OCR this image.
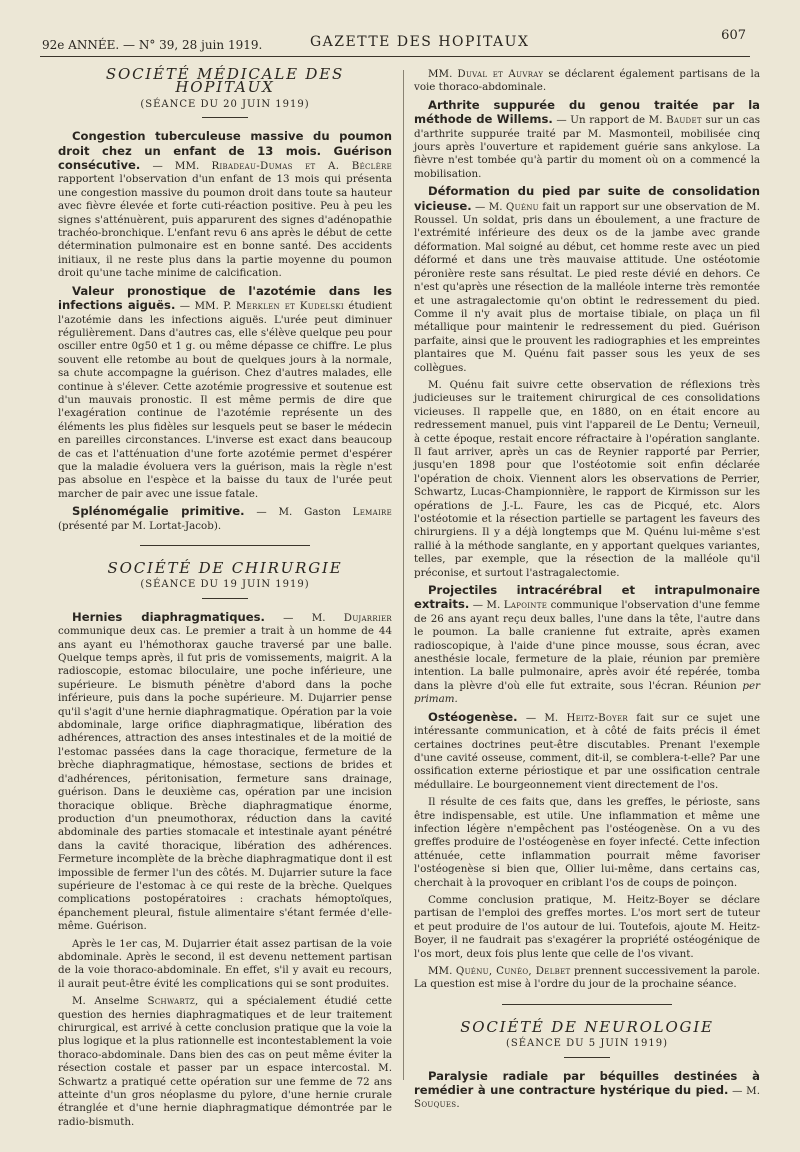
92e ANNÉE. — N° 39, 28 juin 1919.	GAZETTE DES HOPITAUX	607
SOCIÉTÉ MÉDICALE DES HOPITAUX
(SÉANCE DU 20 JUIN 1919)

Congestion tuberculeuse massive du poumon droit chez un enfant de 13 mois. Guérison consécutive. — MM. Ribadeau-Dumas et A. Béclère rapportent l'observation d'un enfant de 13 mois qui présenta une congestion massive du poumon droit dans toute sa hauteur avec fièvre élevée et forte cuti-réaction positive. Peu à peu les signes s'atténuèrent, puis apparurent des signes d'adénopathie trachéo-bronchique. L'enfant revu 6 ans après le début de cette détermination pulmonaire est en bonne santé. Des accidents initiaux, il ne reste plus dans la partie moyenne du poumon droit qu'une tache minime de calcification.

Valeur pronostique de l'azotémie dans les infections aiguës. — MM. P. Merklen et Kudelski étudient l'azotémie dans les infections aiguës. L'urée peut diminuer régulièrement. Dans d'autres cas, elle s'élève quelque peu pour osciller entre 0g50 et 1 g. ou même dépasse ce chiffre. Le plus souvent elle retombe au bout de quelques jours à la normale, sa chute accompagne la guérison. Chez d'autres malades, elle continue à s'élever. Cette azotémie progressive et soutenue est d'un mauvais pronostic. Il est même permis de dire que l'exagération continue de l'azotémie représente un des éléments les plus fidèles sur lesquels peut se baser le médecin en pareilles circonstances. L'inverse est exact dans beaucoup de cas et l'atténuation d'une forte azotémie permet d'espérer que la maladie évoluera vers la guérison, mais la règle n'est pas absolue en l'espèce et la baisse du taux de l'urée peut marcher de pair avec une issue fatale.

Splénomégalie primitive. — M. Gaston Lemaire (présenté par M. Lortat-Jacob).

SOCIÉTÉ DE CHIRURGIE
(SÉANCE DU 19 JUIN 1919)

Hernies diaphragmatiques. — M. Dujarrier communique deux cas. Le premier a trait à un homme de 44 ans ayant eu l'hémothorax gauche traversé par une balle. Quelque temps après, il fut pris de vomissements, maigrit. A la radioscopie, estomac biloculaire, une poche inférieure, une supérieure. Le bismuth pénètre d'abord dans la poche inférieure, puis dans la poche supérieure. M. Dujarrier pense qu'il s'agit d'une hernie diaphragmatique. Opération par la voie abdominale, large orifice diaphragmatique, libération des adhérences, attraction des anses intestinales et de la moitié de l'estomac passées dans la cage thoracique, fermeture de la brèche diaphragmatique, hémostase, sections de brides et d'adhérences, péritonisation, fermeture sans drainage, guérison. Dans le deuxième cas, opération par une incision thoracique oblique. Brèche diaphragmatique énorme, production d'un pneumothorax, réduction dans la cavité abdominale des parties stomacale et intestinale ayant pénétré dans la cavité thoracique, libération des adhérences. Fermeture incomplète de la brèche diaphragmatique dont il est impossible de fermer l'un des côtés. M. Dujarrier suture la face supérieure de l'estomac à ce qui reste de la brèche. Quelques complications postopératoires : crachats hémoptoïques, épanchement pleural, fistule alimentaire s'étant fermée d'elle-même. Guérison.

Après le 1er cas, M. Dujarrier était assez partisan de la voie abdominale. Après le second, il est devenu nettement partisan de la voie thoraco-abdominale. En effet, s'il y avait eu recours, il aurait peut-être évité les complications qui se sont produites.

M. Anselme Schwartz, qui a spécialement étudié cette question des hernies diaphragmatiques et de leur traitement chirurgical, est arrivé à cette conclusion pratique que la voie la plus logique et la plus rationnelle est incontestablement la voie thoraco-abdominale. Dans bien des cas on peut même éviter la résection costale et passer par un espace intercostal. M. Schwartz a pratiqué cette opération sur une femme de 72 ans atteinte d'un gros néoplasme du pylore, d'une hernie crurale étranglée et d'une hernie diaphragmatique démontrée par le radio-bismuth.

MM. Duval et Auvray se déclarent également partisans de la voie thoraco-abdominale.

Arthrite suppurée du genou traitée par la méthode de Willems. — Un rapport de M. Baudet sur un cas d'arthrite suppurée traité par M. Masmonteil, mobilisée cinq jours après l'ouverture et rapidement guérie sans ankylose. La fièvre n'est tombée qu'à partir du moment où on a commencé la mobilisation.

Déformation du pied par suite de consolidation vicieuse. — M. Quénu fait un rapport sur une observation de M. Roussel. Un soldat, pris dans un éboulement, a une fracture de l'extrémité inférieure des deux os de la jambe avec grande déformation. Mal soigné au début, cet homme reste avec un pied déformé et dans une très mauvaise attitude. Une ostéotomie péronière reste sans résultat. Le pied reste dévié en dehors. Ce n'est qu'après une résection de la malléole interne très remontée et une astragalectomie qu'on obtint le redressement du pied. Comme il n'y avait plus de mortaise tibiale, on plaça un fil métallique pour maintenir le redressement du pied. Guérison parfaite, ainsi que le prouvent les radiographies et les empreintes plantaires que M. Quénu fait passer sous les yeux de ses collègues.

M. Quénu fait suivre cette observation de réflexions très judicieuses sur le traitement chirurgical de ces consolidations vicieuses. Il rappelle que, en 1880, on en était encore au redressement manuel, puis vint l'appareil de Le Dentu; Verneuil, à cette époque, restait encore réfractaire à l'opération sanglante. Il faut arriver, après un cas de Reynier rapporté par Perrier, jusqu'en 1898 pour que l'ostéotomie soit enfin déclarée l'opération de choix. Viennent alors les observations de Perrier, Schwartz, Lucas-Championnière, le rapport de Kirmisson sur les opérations de J.-L. Faure, les cas de Picqué, etc. Alors l'ostéotomie et la résection partielle se partagent les faveurs des chirurgiens. Il y a déjà longtemps que M. Quénu lui-même s'est rallié à la méthode sanglante, en y apportant quelques variantes, telles, par exemple, que la résection de la malléole qu'il préconise, et surtout l'astragalectomie.

Projectiles intracérébral et intrapulmonaire extraits. — M. Lapointe communique l'observation d'une femme de 26 ans ayant reçu deux balles, l'une dans la tête, l'autre dans le poumon. La balle cranienne fut extraite, après examen radioscopique, à l'aide d'une pince mousse, sous écran, avec anesthésie locale, fermeture de la plaie, réunion par première intention. La balle pulmonaire, après avoir été repérée, tomba dans la plèvre d'où elle fut extraite, sous l'écran. Réunion per primam.

Ostéogenèse. — M. Heitz-Boyer fait sur ce sujet une intéressante communication, et à côté de faits précis il émet certaines doctrines peut-être discutables. Prenant l'exemple d'une cavité osseuse, comment, dit-il, se comblera-t-elle? Par une ossification externe périostique et par une ossification centrale médullaire. Le bourgeonnement vient directement de l'os.

Il résulte de ces faits que, dans les greffes, le périoste, sans être indispensable, est utile. Une inflammation et même une infection légère n'empêchent pas l'ostéogenèse. On a vu des greffes produire de l'ostéogenèse en foyer infecté. Cette infection atténuée, cette inflammation pourrait même favoriser l'ostéogenèse si bien que, Ollier lui-même, dans certains cas, cherchait à la provoquer en criblant l'os de coups de poinçon.

Comme conclusion pratique, M. Heitz-Boyer se déclare partisan de l'emploi des greffes mortes. L'os mort sert de tuteur et peut produire de l'os autour de lui. Toutefois, ajoute M. Heitz-Boyer, il ne faudrait pas s'exagérer la propriété ostéogénique de l'os mort, deux fois plus lente que celle de l'os vivant.

MM. Quénu, Cunéo, Delbet prennent successivement la parole. La question est mise à l'ordre du jour de la prochaine séance.

SOCIÉTÉ DE NEUROLOGIE
(SÉANCE DU 5 JUIN 1919)

Paralysie radiale par béquilles destinées à remédier à une contracture hystérique du pied. — M. Souques.
